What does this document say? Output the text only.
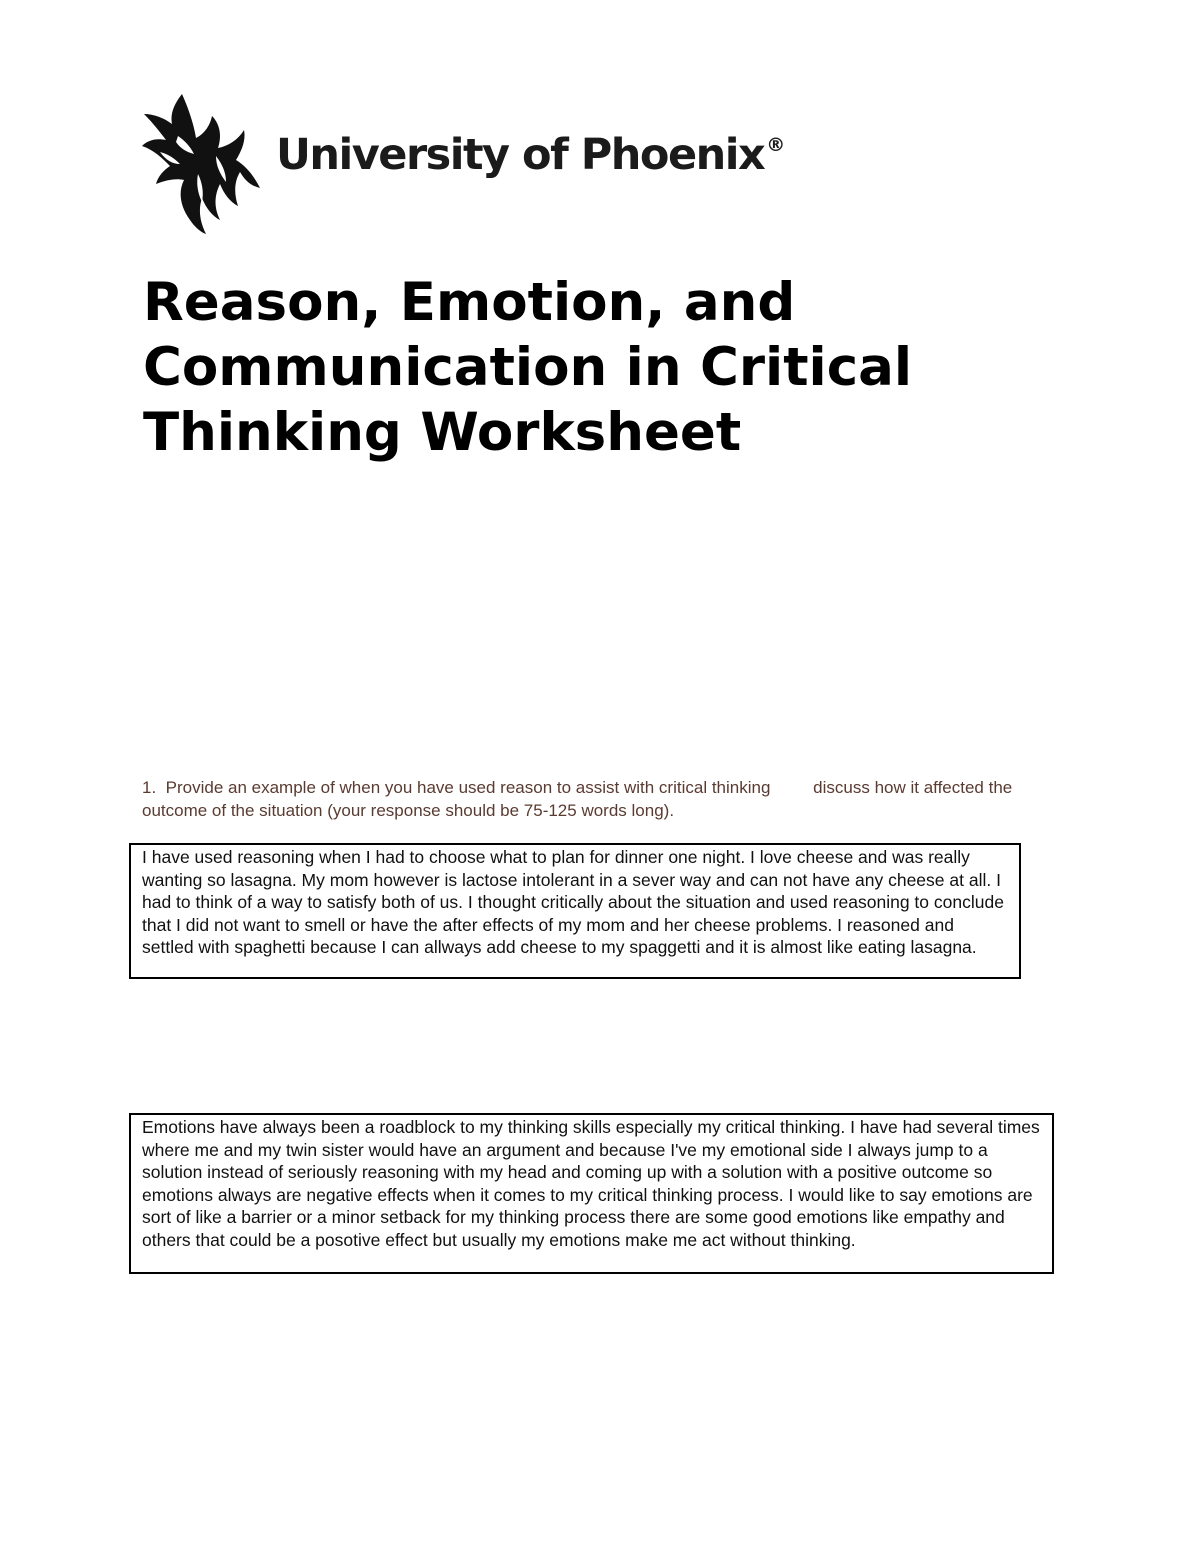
University of Phoenix ®
Reason, Emotion, and Communication in Critical Thinking Worksheet

1. Provide an example of when you have used reason to assist with critical thinking	discuss how it affected the outcome of the situation (your response should be 75-125 words long).

I have used reasoning when I had to choose what to plan for dinner one night. I love cheese and was really wanting so lasagna. My mom however is lactose intolerant in a sever way and can not have any cheese at all. I had to think of a way to satisfy both of us. I thought critically about the situation and used reasoning to conclude that I did not want to smell or have the after effects of my mom and her cheese problems. I reasoned and settled with spaghetti because I can allways add cheese to my spaggetti and it is almost like eating lasagna.
Emotions have always been a roadblock to my thinking skills especially my critical thinking. I have had several times where me and my twin sister would have an argument and because I've my emotional side I always jump to a solution instead of seriously reasoning with my head and coming up with a solution with a positive outcome so emotions always are negative effects when it comes to my critical thinking process. I would like to say emotions are sort of like a barrier or a minor setback for my thinking process there are some good emotions like empathy and others that could be a posotive effect but usually my emotions make me act without thinking.
